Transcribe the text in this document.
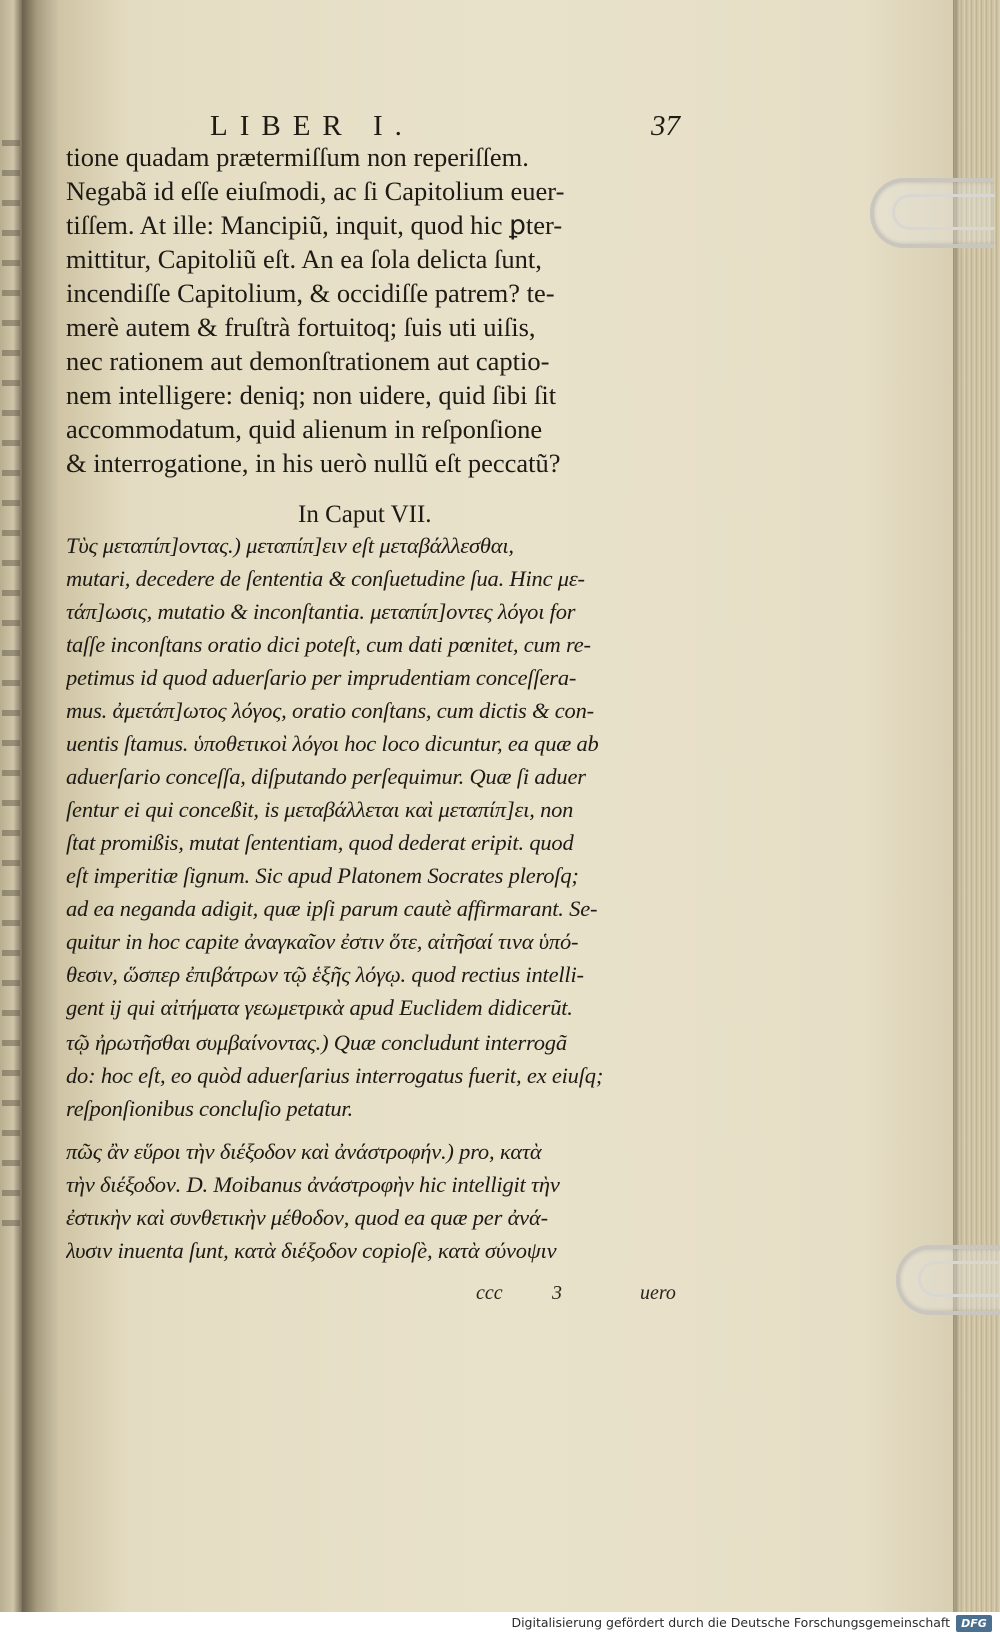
LIBER I.	37
tione quadam prætermiſſum non reperiſſem.
Negabã id eſſe eiuſmodi, ac ſi Capitolium euer-
tiſſem. At ille: Mancipiũ, inquit, quod hic ꝑter-
mittitur, Capitoliũ eſt. An ea ſola delicta ſunt,
incendiſſe Capitolium, & occidiſſe patrem? te-
merè autem & fruſtrà fortuitoq; ſuis uti uiſis,
nec rationem aut demonſtrationem aut captio-
nem intelligere: deniq; non uidere, quid ſibi ſit
accommodatum, quid alienum in reſponſione
& interrogatione, in his uerò nullũ eſt peccatũ?
In Caput VII.
Τὺς μεταπίπ]οντας.) μεταπίπ]ειν eſt μεταβάλλεσθαι,
mutari, decedere de ſententia & conſuetudine ſua. Hinc με-
τάπ]ωσις, mutatio & inconſtantia. μεταπίπ]οντες λόγοι for
taſſe inconſtans oratio dici poteſt, cum dati pœnitet, cum re-
petimus id quod aduerſario per imprudentiam conceſſera-
mus. ἀμετάπ]ωτος λόγος, oratio conſtans, cum dictis & con-
uentis ſtamus. ὑποθετικοὶ λόγοι hoc loco dicuntur, ea quæ ab
aduerſario conceſſa, diſputando perſequimur. Quæ ſi aduer
ſentur ei qui conceßit, is μεταβάλλεται καὶ μεταπίπ]ει, non
ſtat promißis, mutat ſententiam, quod dederat eripit. quod
eſt imperitiæ ſignum. Sic apud Platonem Socrates pleroſq;
ad ea neganda adigit, quæ ipſi parum cautè affirmarant. Se-
quitur in hoc capite ἀναγκαῖον ἐστιν ὅτε, αἰτῆσαί τινα ὑπό-
θεσιν, ὥσπερ ἐπιβάτρων τῷ ἑξῆς λόγῳ. quod rectius intelli-
gent ij qui αἰτήματα γεωμετρικὰ apud Euclidem didicerũt.
τῷ ἠρωτῆσθαι συμβαίνοντας.) Quæ concludunt interrogã
do: hoc eſt, eo quòd aduerſarius interrogatus fuerit, ex eiuſq;
reſponſionibus concluſio petatur.
πῶς ἂν εὕροι τὴν διέξοδον καὶ ἀνάστροφήν.) pro, κατὰ
τὴν διέξοδον. D. Moibanus ἀνάστροφὴν hic intelligit τὴν
ἐστικὴν καὶ συνθετικὴν μέθοδον, quod ea quæ per ἀνά-
λυσιν inuenta ſunt, κατὰ διέξοδον copioſè, κατὰ σύνοψιν
ccc 3	uero
Digitalisierung gefördert durch die Deutsche Forschungsgemeinschaft	DFG
